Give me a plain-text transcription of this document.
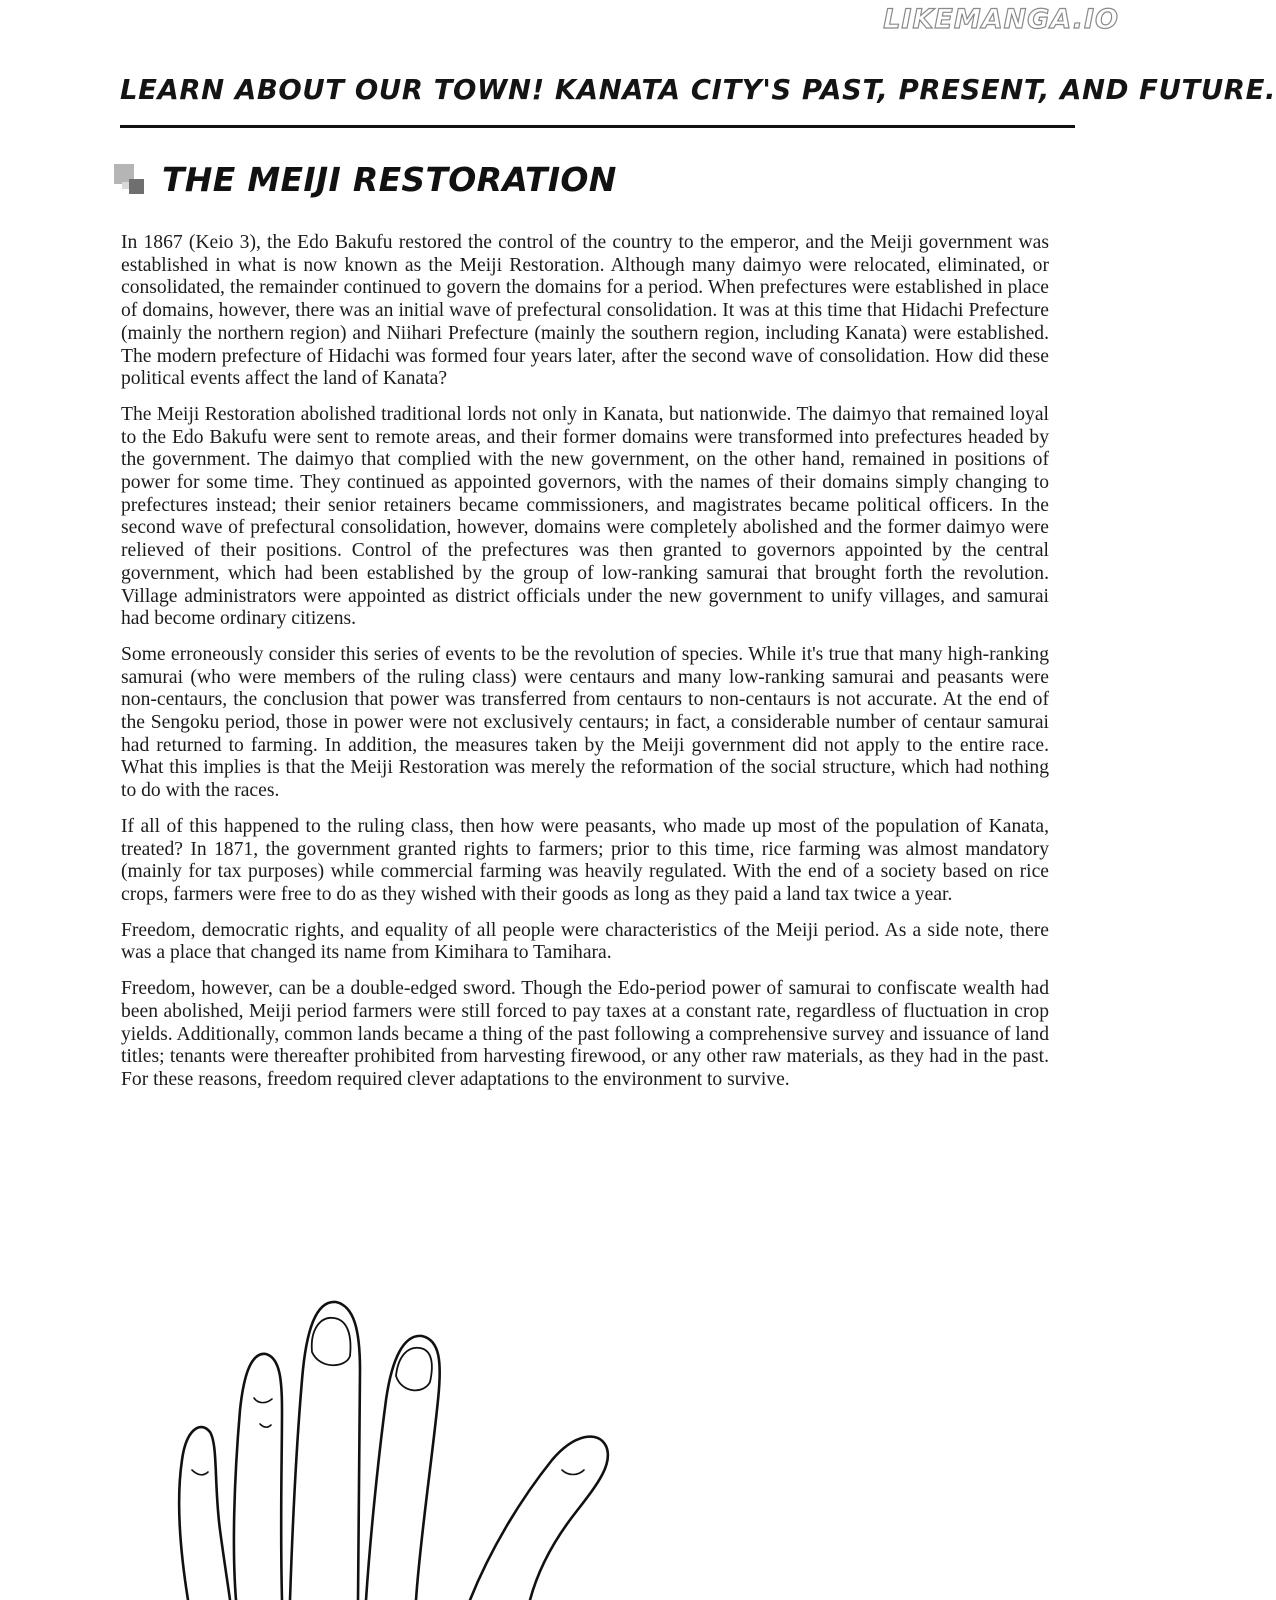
LIKEMANGA.IO
LEARN ABOUT OUR TOWN! KANATA CITY'S PAST, PRESENT, AND FUTURE.
THE MEIJI RESTORATION

In 1867 (Keio 3), the Edo Bakufu restored the control of the country to the emperor, and the Meiji government was established in what is now known as the Meiji Restoration. Although many daimyo were relocated, eliminated, or consolidated, the remainder continued to govern the domains for a period. When prefectures were established in place of domains, however, there was an initial wave of prefectural consolidation. It was at this time that Hidachi Prefecture (mainly the northern region) and Niihari Prefecture (mainly the southern region, including Kanata) were established. The modern prefecture of Hidachi was formed four years later, after the second wave of consolidation. How did these political events affect the land of Kanata?

The Meiji Restoration abolished traditional lords not only in Kanata, but nationwide. The daimyo that remained loyal to the Edo Bakufu were sent to remote areas, and their former domains were transformed into prefectures headed by the government. The daimyo that complied with the new government, on the other hand, remained in positions of power for some time. They continued as appointed governors, with the names of their domains simply changing to prefectures instead; their senior retainers became commissioners, and magistrates became political officers. In the second wave of prefectural consolidation, however, domains were completely abolished and the former daimyo were relieved of their positions. Control of the prefectures was then granted to governors appointed by the central government, which had been established by the group of low-ranking samurai that brought forth the revolution. Village administrators were appointed as district officials under the new government to unify villages, and samurai had become ordinary citizens.

Some erroneously consider this series of events to be the revolution of species. While it's true that many high-ranking samurai (who were members of the ruling class) were centaurs and many low-ranking samurai and peasants were non-centaurs, the conclusion that power was transferred from centaurs to non-centaurs is not accurate. At the end of the Sengoku period, those in power were not exclusively centaurs; in fact, a considerable number of centaur samurai had returned to farming. In addition, the measures taken by the Meiji government did not apply to the entire race. What this implies is that the Meiji Restoration was merely the reformation of the social structure, which had nothing to do with the races.

If all of this happened to the ruling class, then how were peasants, who made up most of the population of Kanata, treated? In 1871, the government granted rights to farmers; prior to this time, rice farming was almost mandatory (mainly for tax purposes) while commercial farming was heavily regulated. With the end of a society based on rice crops, farmers were free to do as they wished with their goods as long as they paid a land tax twice a year.

Freedom, democratic rights, and equality of all people were characteristics of the Meiji period. As a side note, there was a place that changed its name from Kimihara to Tamihara.

Freedom, however, can be a double-edged sword. Though the Edo-period power of samurai to confiscate wealth had been abolished, Meiji period farmers were still forced to pay taxes at a constant rate, regardless of fluctuation in crop yields. Additionally, common lands became a thing of the past following a comprehensive survey and issuance of land titles; tenants were thereafter prohibited from harvesting firewood, or any other raw materials, as they had in the past. For these reasons, freedom required clever adaptations to the environment to survive.
